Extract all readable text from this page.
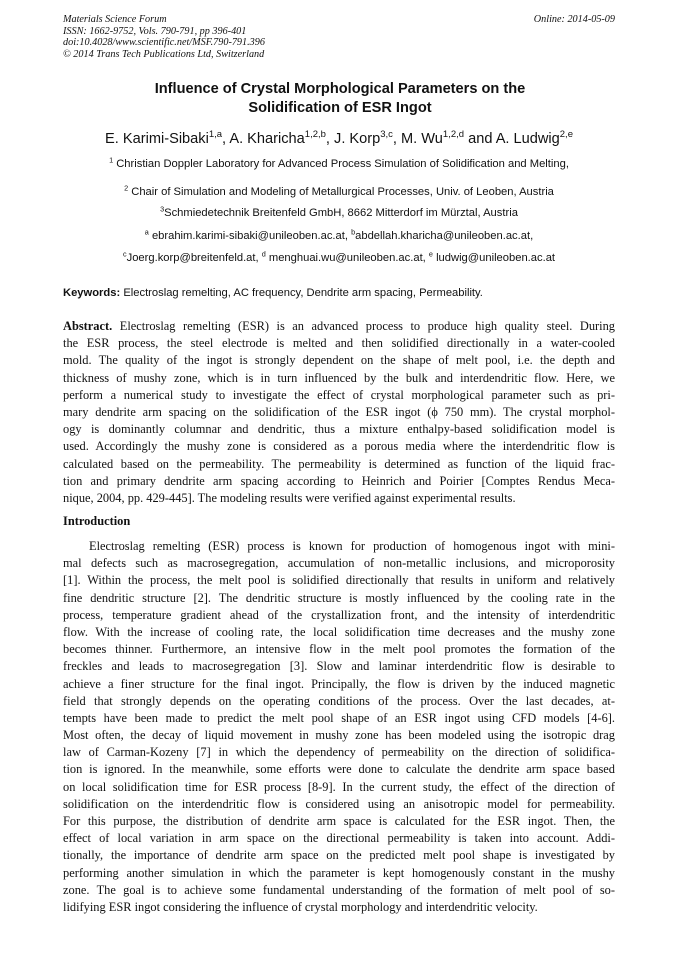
Materials Science Forum
ISSN: 1662-9752, Vols. 790-791, pp 396-401
doi:10.4028/www.scientific.net/MSF.790-791.396
© 2014 Trans Tech Publications Ltd, Switzerland
Online: 2014-05-09
Influence of Crystal Morphological Parameters on the
Solidification of ESR Ingot
E. Karimi-Sibaki$^{1,a}$, A. Kharicha$^{1,2,b}$, J. Korp$^{3,c}$, M. Wu$^{1,2,d}$ and A. Ludwig$^{2,e}$
$^1$ Christian Doppler Laboratory for Advanced Process Simulation of Solidification and Melting,
$^2$ Chair of Simulation and Modeling of Metallurgical Processes, Univ. of Leoben, Austria
$^3$Schmiedetechnik Breitenfeld GmbH, 8662 Mitterdorf im Mürztal, Austria
$^a$ ebrahim.karimi-sibaki@unileoben.ac.at, $^b$abdellah.kharicha@unileoben.ac.at,
$^c$Joerg.korp@breitenfeld.at, $^d$ menghuai.wu@unileoben.ac.at, $^e$ ludwig@unileoben.ac.at
Keywords: Electroslag remelting, AC frequency, Dendrite arm spacing, Permeability.
Abstract. Electroslag remelting (ESR) is an advanced process to produce high quality steel. During
the ESR process, the steel electrode is melted and then solidified directionally in a water-cooled
mold. The quality of the ingot is strongly dependent on the shape of melt pool, i.e. the depth and
thickness of mushy zone, which is in turn influenced by the bulk and interdendritic flow. Here, we
perform a numerical study to investigate the effect of crystal morphological parameter such as pri-
mary dendrite arm spacing on the solidification of the ESR ingot (ϕ 750 mm). The crystal morphol-
ogy is dominantly columnar and dendritic, thus a mixture enthalpy-based solidification model is
used. Accordingly the mushy zone is considered as a porous media where the interdendritic flow is
calculated based on the permeability. The permeability is determined as function of the liquid frac-
tion and primary dendrite arm spacing according to Heinrich and Poirier [Comptes Rendus Meca-
nique, 2004, pp. 429-445]. The modeling results were verified against experimental results.
Introduction
Electroslag remelting (ESR) process is known for production of homogenous ingot with mini-
mal defects such as macrosegregation, accumulation of non-metallic inclusions, and microporosity
[1]. Within the process, the melt pool is solidified directionally that results in uniform and relatively
fine dendritic structure [2]. The dendritic structure is mostly influenced by the cooling rate in the
process, temperature gradient ahead of the crystallization front, and the intensity of interdendritic
flow. With the increase of cooling rate, the local solidification time decreases and the mushy zone
becomes thinner. Furthermore, an intensive flow in the melt pool promotes the formation of the
freckles and leads to macrosegregation [3]. Slow and laminar interdendritic flow is desirable to
achieve a finer structure for the final ingot. Principally, the flow is driven by the induced magnetic
field that strongly depends on the operating conditions of the process. Over the last decades, at-
tempts have been made to predict the melt pool shape of an ESR ingot using CFD models [4-6].
Most often, the decay of liquid movement in mushy zone has been modeled using the isotropic drag
law of Carman-Kozeny [7] in which the dependency of permeability on the direction of solidifica-
tion is ignored. In the meanwhile, some efforts were done to calculate the dendrite arm space based
on local solidification time for ESR process [8-9]. In the current study, the effect of the direction of
solidification on the interdendritic flow is considered using an anisotropic model for permeability.
For this purpose, the distribution of dendrite arm space is calculated for the ESR ingot. Then, the
effect of local variation in arm space on the directional permeability is taken into account. Addi-
tionally, the importance of dendrite arm space on the predicted melt pool shape is investigated by
performing another simulation in which the parameter is kept homogenously constant in the mushy
zone. The goal is to achieve some fundamental understanding of the formation of melt pool of so-
lidifying ESR ingot considering the influence of crystal morphology and interdendritic velocity.
